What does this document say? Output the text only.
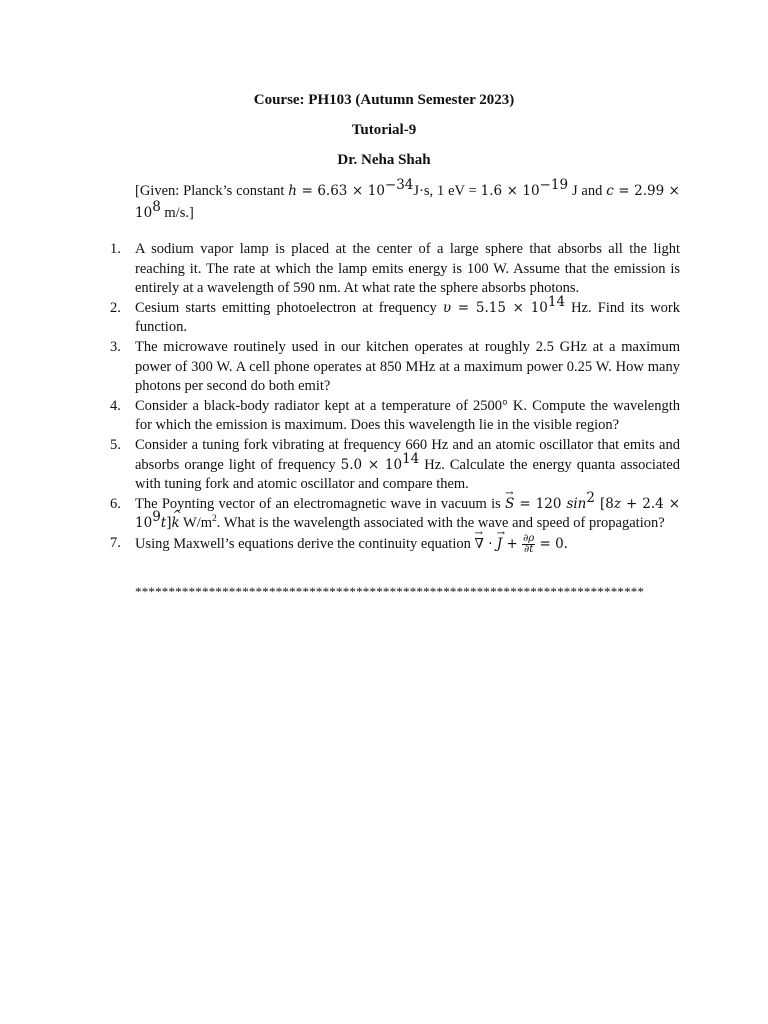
Course: PH103 (Autumn Semester 2023)
Tutorial-9
Dr. Neha Shah
[Given: Planck’s constant $h = 6.63 \times 10^{-34}J\cdot s$, 1 eV = $1.6 \times 10^{-19}$ J and $c = 2.99 \times 10^8$ m/s.]
1. A sodium vapor lamp is placed at the center of a large sphere that absorbs all the light reaching it. The rate at which the lamp emits energy is 100 W. Assume that the emission is entirely at a wavelength of 590 nm. At what rate the sphere absorbs photons.
2. Cesium starts emitting photoelectron at frequency $\upsilon = 5.15 \times 10^{14}$ Hz. Find its work function.
3. The microwave routinely used in our kitchen operates at roughly 2.5 GHz at a maximum power of 300 W. A cell phone operates at 850 MHz at a maximum power 0.25 W. How many photons per second do both emit?
4. Consider a black-body radiator kept at a temperature of 2500° K. Compute the wavelength for which the emission is maximum. Does this wavelength lie in the visible region?
5. Consider a tuning fork vibrating at frequency 660 Hz and an atomic oscillator that emits and absorbs orange light of frequency $5.0 \times 10^{14}$ Hz. Calculate the energy quanta associated with tuning fork and atomic oscillator and compare them.
6. The Poynting vector of an electromagnetic wave in vacuum is → S = 120 $\sin^2 [8z + 2.4$ × $10^9t]\^{}$ k $W/m^2$. What is the wavelength associated with the wave and speed of propagation?
7. Using Maxwell’s equations derive the continuity equation → ∇ · → $J + \frac{\partial\rho}{\partial t} = 0$.
****************************************************************************
